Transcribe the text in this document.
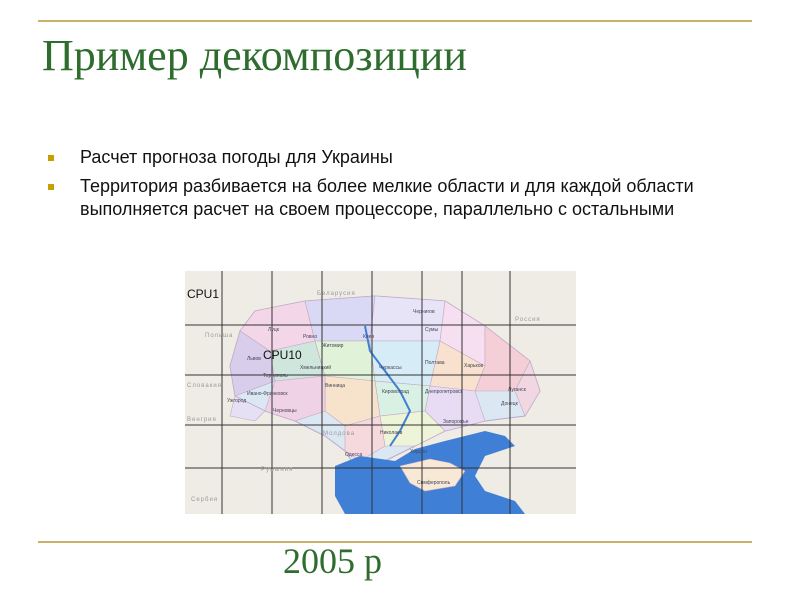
Пример декомпозиции
Расчет прогноза погоды для Украины
Территория разбивается на более мелкие области и для каждой области выполняется расчет на своем процессоре, параллельно с остальными
CPU1
CPU10
Беларусия
Польша
Россия
Словакия
Венгрия
Молдова
Румыния
Сербия
Чернигов
Луцк
Ровно
Сумы
Житомир
Киев
Львов
Полтава	Харьков
Хмельницкий
Тернополь
Черкассы
Луганск
Ужгород
Винница
Ивано-Франковск	Кировоград	Днепропетровск
Донецк
Черновцы
Запорожье
Николаев
Одесса	Херсон
Симферополь
2005 р
